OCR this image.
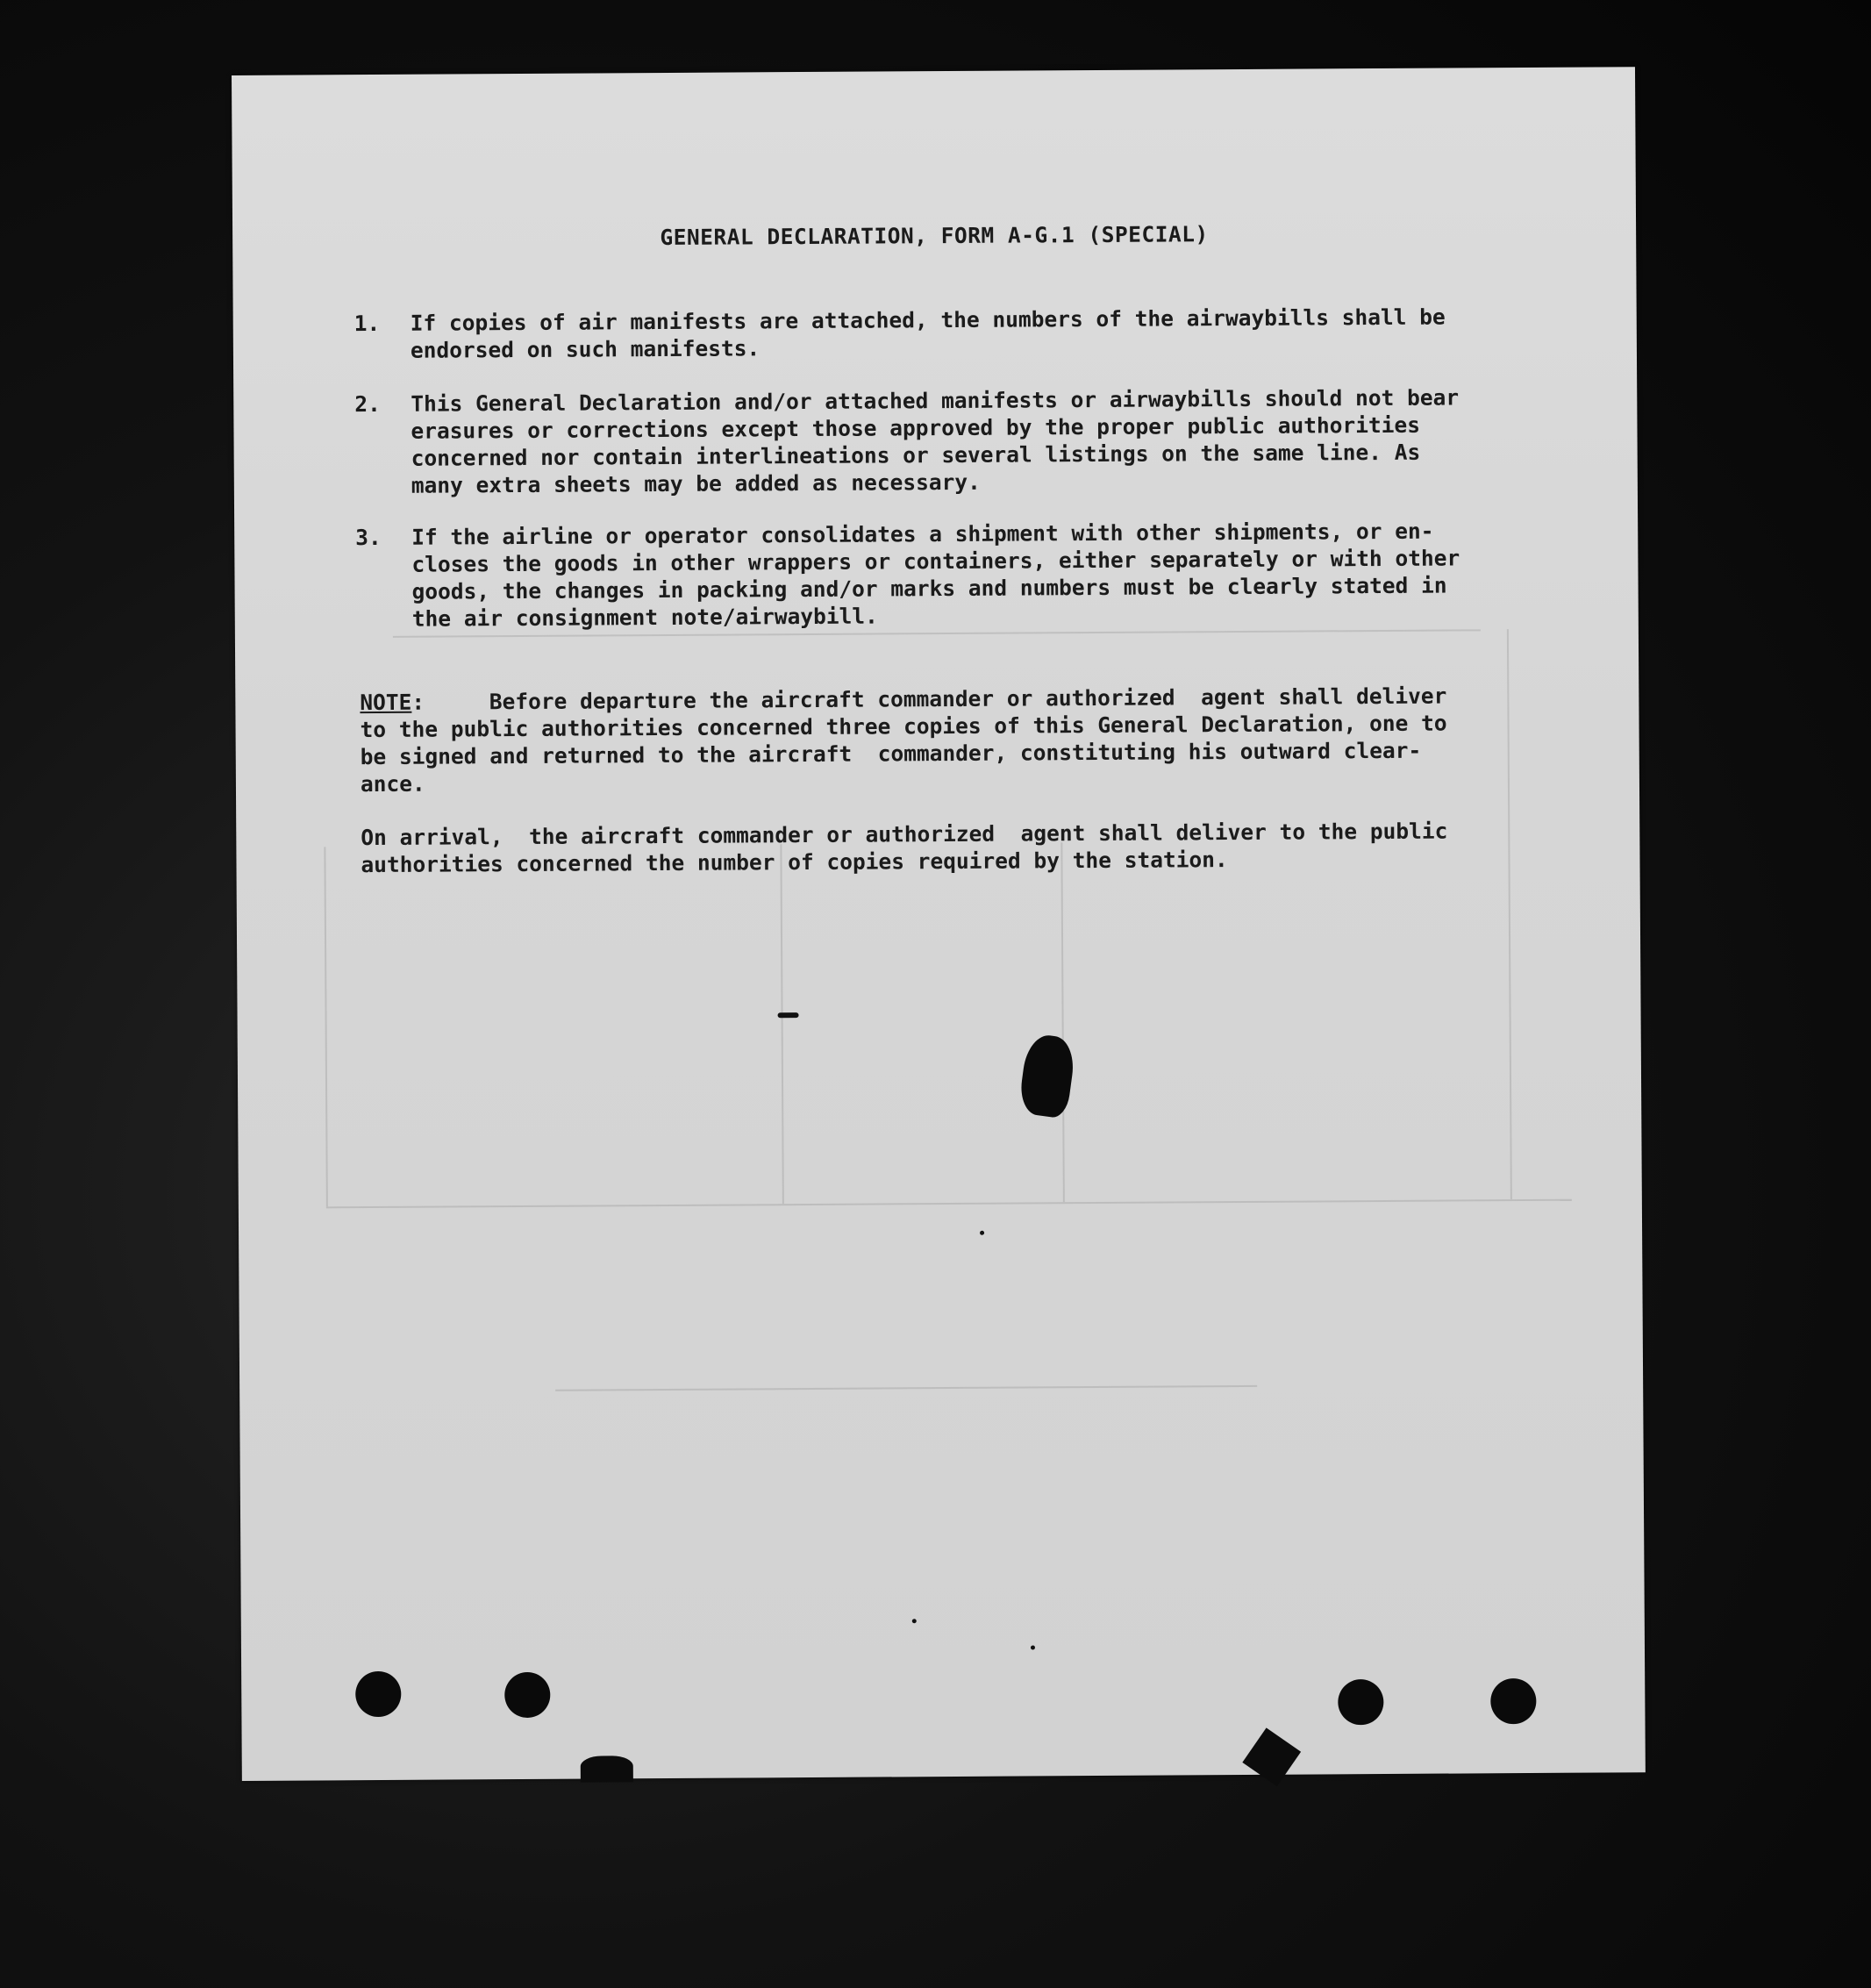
GENERAL DECLARATION, FORM A-G.1 (SPECIAL)
1.	If copies of air manifests are attached, the numbers of the airwaybills shall be
endorsed on such manifests.
2.	This General Declaration and/or attached manifests or airwaybills should not bear
erasures or corrections except those approved by the proper public authorities
concerned nor contain interlineations or several listings on the same line. As
many extra sheets may be added as necessary.
3.	If the airline or operator consolidates a shipment with other shipments, or en-
closes the goods in other wrappers or containers, either separately or with other
goods, the changes in packing and/or marks and numbers must be clearly stated in
the air consignment note/airwaybill.
NOTE:     Before departure the aircraft commander or authorized  agent shall deliver
to the public authorities concerned three copies of this General Declaration, one to
be signed and returned to the aircraft  commander, constituting his outward clear-
ance.
On arrival,  the aircraft commander or authorized  agent shall deliver to the public
authorities concerned the number of copies required by the station.
